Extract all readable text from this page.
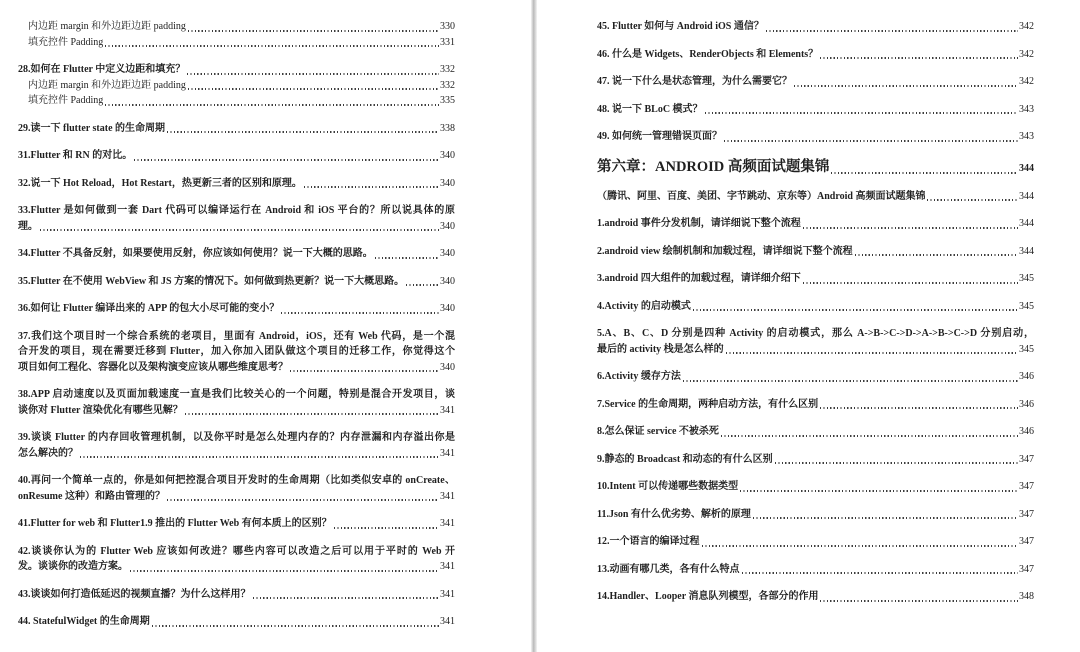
内边距 margin 和外边距边距 padding	330
填充控件 Padding	331
28.如何在 Flutter 中定义边距和填充？	332
内边距 margin 和外边距边距 padding	332
填充控件 Padding	335
29.读一下 flutter state 的生命周期	338
31.Flutter 和 RN 的对比。	340
32.说一下 Hot Reload，Hot Restart，热更新三者的区别和原理。	340
33.Flutter 是如何做到一套 Dart 代码可以编译运行在 Android 和 iOS 平台的？所以说具体的原
理。	340
34.Flutter 不具备反射，如果要使用反射，你应该如何使用？说一下大概的思路。	340
35.Flutter 在不使用 WebView 和 JS 方案的情况下。如何做到热更新？说一下大概思路。	340
36.如何让 Flutter 编译出来的 APP 的包大小尽可能的变小？	340
37.我们这个项目时一个综合系统的老项目，里面有 Android，iOS，还有 Web 代码，是一个混
合开发的项目，现在需要迁移到 Flutter，加入你加入团队做这个项目的迁移工作，你觉得这个
项目如何工程化、容器化以及架构演变应该从哪些维度思考？	340
38.APP 启动速度以及页面加载速度一直是我们比较关心的一个问题，特别是混合开发项目，谈
谈你对 Flutter 渲染优化有哪些见解？	341
39.谈谈 Flutter 的内存回收管理机制，以及你平时是怎么处理内存的？内存泄漏和内存溢出你是
怎么解决的？	341
40.再问一个简单一点的，你是如何把控混合项目开发时的生命周期（比如类似安卓的 onCreate、
onResume 这种）和路由管理的？	341
41.Flutter for web 和 Flutter1.9 推出的 Flutter Web 有何本质上的区别？	341
42.谈谈你认为的 Flutter Web 应该如何改进？哪些内容可以改造之后可以用于平时的 Web 开
发。谈谈你的改造方案。	341
43.谈谈如何打造低延迟的视频直播？为什么这样用？	341
44. StatefulWidget 的生命周期	341
45. Flutter 如何与 Android iOS 通信？	342
46. 什么是 Widgets、RenderObjects 和 Elements？	342
47. 说一下什么是状态管理，为什么需要它？	342
48. 说一下 BLoC 模式？	343
49. 如何统一管理错误页面？	343
第六章：ANDROID 高频面试题集锦	344
（腾讯、阿里、百度、美团、字节跳动、京东等）Android 高频面试题集锦	344
1.android 事件分发机制，请详细说下整个流程	344
2.android view 绘制机制和加载过程，请详细说下整个流程	344
3.android 四大组件的加载过程，请详细介绍下	345
4.Activity 的启动模式	345
5.A、B、C、D 分别是四种 Activity 的启动模式，那么 A->B->C->D->A->B->C->D 分别启动，
最后的 activity 栈是怎么样的	345
6.Activity 缓存方法	346
7.Service 的生命周期，两种启动方法，有什么区别	346
8.怎么保证 service 不被杀死	346
9.静态的 Broadcast 和动态的有什么区别	347
10.Intent 可以传递哪些数据类型	347
11.Json 有什么优劣势、解析的原理	347
12.一个语言的编译过程	347
13.动画有哪几类，各有什么特点	347
14.Handler、Looper 消息队列模型，各部分的作用	348
